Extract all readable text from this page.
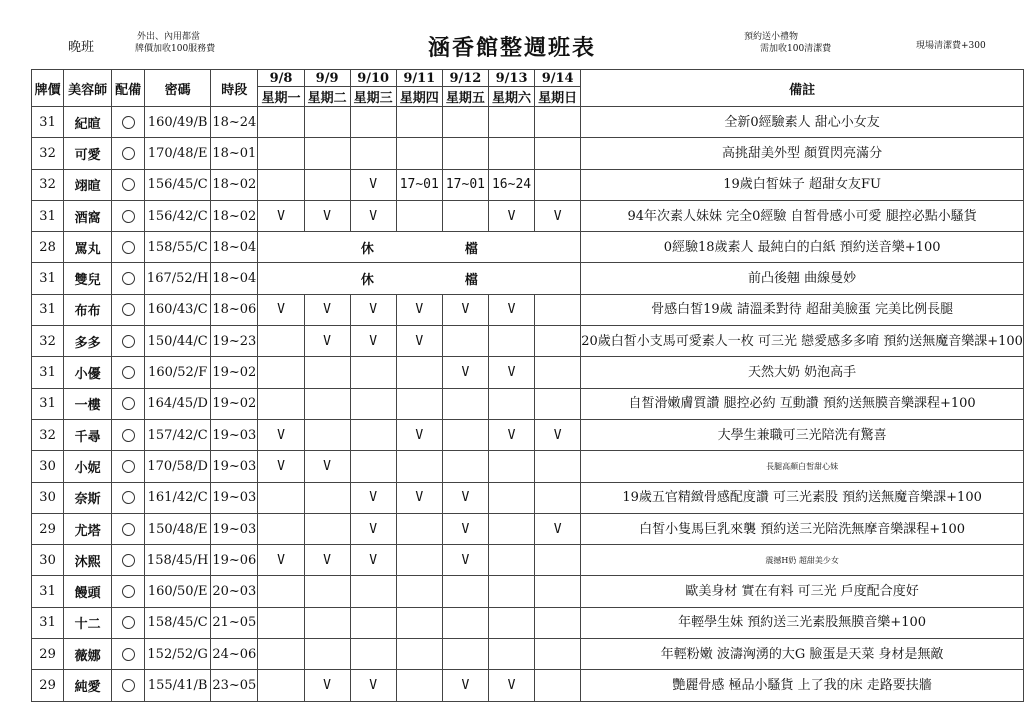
晚班
外出、內用都當
牌價加收100服務費	涵香館整週班表	預約送小禮物
需加收100清潔費	現場清潔費+300
牌價	美容師	配備	密碼	時段	9/8	9/9	9/10	9/11	9/12	9/13	9/14	備註
					星期一	星期二	星期三	星期四	星期五	星期六	星期日	
31	紀暄		160/49/B	18~24								全新0經驗素人 甜心小女友
32	可愛		170/48/E	18~01								高挑甜美外型 顏質閃亮滿分
32	翊暄		156/45/C	18~02			V	17~01	17~01	16~24		19歲白皙妹子 超甜女友FU
31	酒窩		156/42/C	18~02	V	V	V			V	V	94年次素人妹妹 完全0經驗 自皙骨感小可愛 腿控必點小騷貨
28	罵丸		158/55/C	18~04	休 檔							0經驗18歲素人 最純白的白紙 預約送音樂+100
31	雙兒		167/52/H	18~04	休 檔							前凸後翹 曲線曼妙
31	布布		160/43/C	18~06	V	V	V	V	V	V		骨感白皙19歲 請溫柔對待 超甜美臉蛋 完美比例長腿
32	多多		150/44/C	19~23		V	V	V				20歲白皙小支馬可愛素人一枚 可三光 戀愛感多多唷 預約送無魔音樂課+100
31	小優		160/52/F	19~02					V	V		天然大奶 奶泡高手
31	一樓		164/45/D	19~02								自皙滑嫩膚質讚 腿控必約 互動讚 預約送無膜音樂課程+100
32	千尋		157/42/C	19~03	V			V		V	V	大學生兼職可三光陪洗有驚喜
30	小妮		170/58/D	19~03	V	V						長腿高顏白皙甜心妹
30	奈斯		161/42/C	19~03			V	V	V			19歲五官精緻骨感配度讚 可三光素股 預約送無魔音樂課+100
29	尤塔		150/48/E	19~03			V		V		V	白皙小隻馬巨乳來襲 預約送三光陪洗無摩音樂課程+100
30	沐熙		158/45/H	19~06	V	V	V		V			震撼H奶 超甜美少女
31	饅頭		160/50/E	20~03								歐美身材 實在有料 可三光 戶度配合度好
31	十二		158/45/C	21~05								年輕學生妹 預約送三光素股無膜音樂+100
29	薇娜		152/52/G	24~06								年輕粉嫩 波濤洶湧的大G 臉蛋是天菜 身材是無敵
29	純愛		155/41/B	23~05		V	V		V	V		艷麗骨感 極品小騷貨 上了我的床 走路要扶牆
